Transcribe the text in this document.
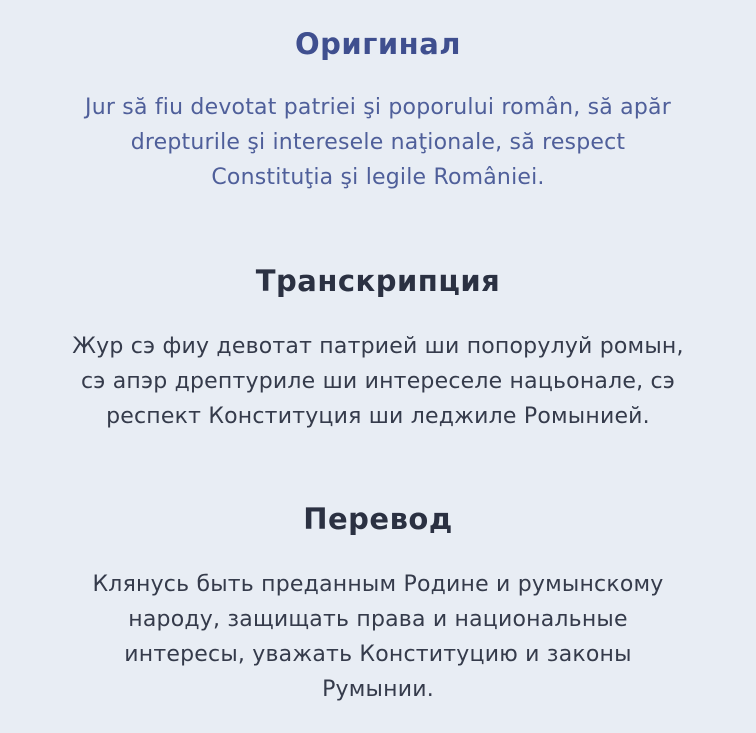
Оригинал

Jur să fiu devotat patriei şi poporului român, să apăr
drepturile şi interesele naţionale, să respect
Constituţia şi legile României.

Транскрипция

Жур сэ фиу девотат патрией ши попорулуй ромын,
сэ апэр дрептуриле ши интереселе нацьонале, сэ
респект Конституция ши леджиле Ромынией.

Перевод

Клянусь быть преданным Родине и румынскому
народу, защищать права и национальные
интересы, уважать Конституцию и законы
Румынии.
